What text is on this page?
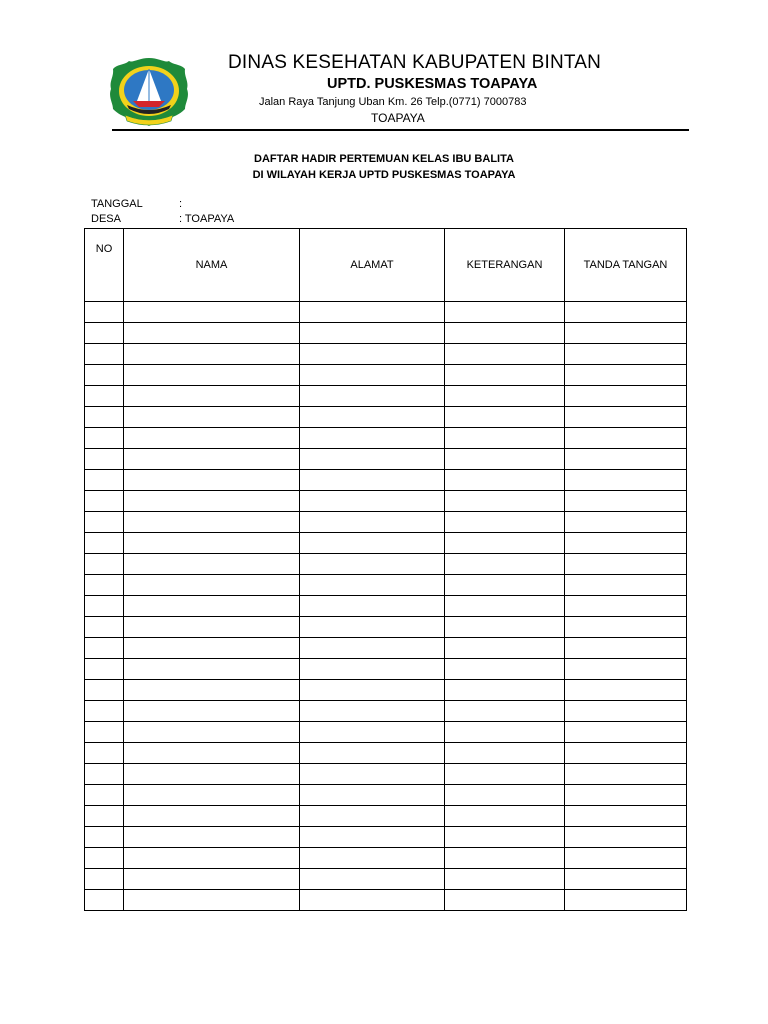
DINAS KESEHATAN KABUPATEN BINTAN
UPTD. PUSKESMAS TOAPAYA
Jalan Raya Tanjung Uban Km. 26 Telp.(0771) 7000783
TOAPAYA
DAFTAR HADIR PERTEMUAN KELAS IBU BALITA
DI WILAYAH KERJA UPTD PUSKESMAS TOAPAYA
TANGGAL	:
DESA	: TOAPAYA
NO	NAMA	ALAMAT	KETERANGAN	TANDA TANGAN
